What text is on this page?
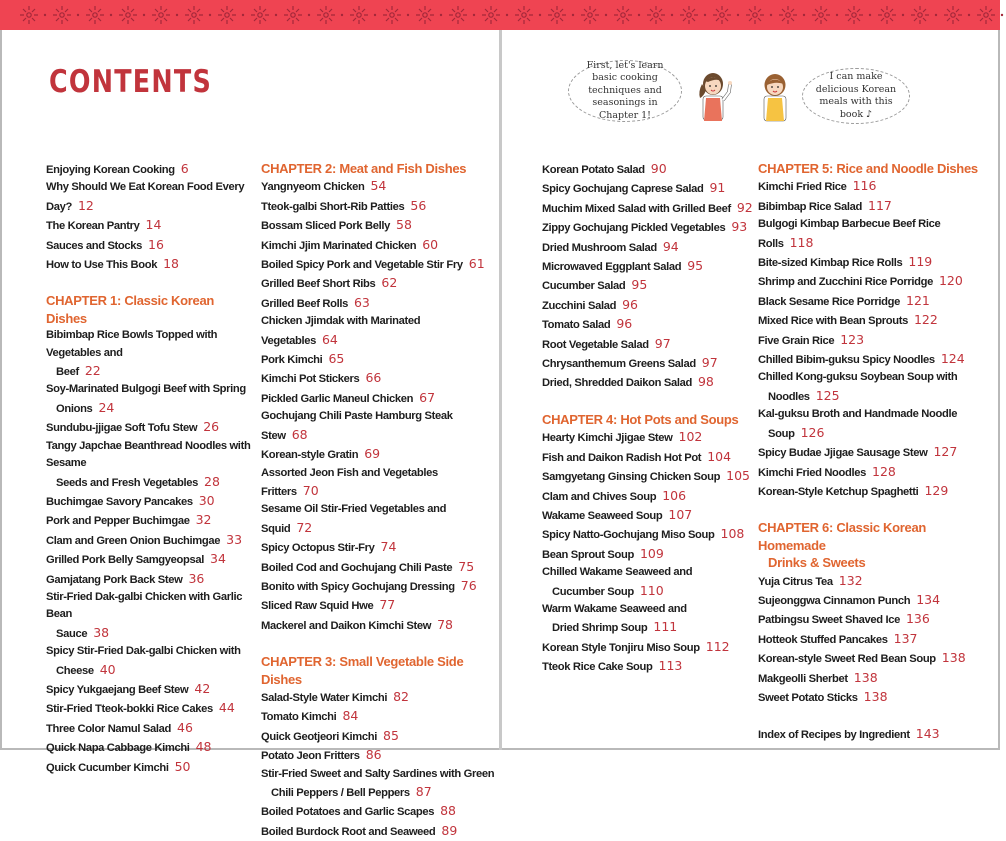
CONTENTS	First, let's learn basic cooking techniques and seasonings in Chapter 1!
I can make delicious Korean meals with this book ♪
Enjoying Korean Cooking 6
Why Should We Eat Korean Food Every Day? 12
The Korean Pantry 14
Sauces and Stocks 16
How to Use This Book 18
CHAPTER 1: Classic Korean Dishes
Bibimbap Rice Bowls Topped with Vegetables and
Beef 22
Soy-Marinated Bulgogi Beef with Spring
Onions 24
Sundubu-jjigae Soft Tofu Stew 26
Tangy Japchae Beanthread Noodles with Sesame
Seeds and Fresh Vegetables 28
Buchimgae Savory Pancakes 30
Pork and Pepper Buchimgae 32
Clam and Green Onion Buchimgae 33
Grilled Pork Belly Samgyeopsal 34
Gamjatang Pork Back Stew 36
Stir-Fried Dak-galbi Chicken with Garlic Bean
Sauce 38
Spicy Stir-Fried Dak-galbi Chicken with
Cheese 40
Spicy Yukgaejang Beef Stew 42
Stir-Fried Tteok-bokki Rice Cakes 44
Three Color Namul Salad 46
Quick Napa Cabbage Kimchi 48
Quick Cucumber Kimchi 50
CHAPTER 2: Meat and Fish Dishes
Yangnyeom Chicken 54
Tteok-galbi Short-Rib Patties 56
Bossam Sliced Pork Belly 58
Kimchi Jjim Marinated Chicken 60
Boiled Spicy Pork and Vegetable Stir Fry 61
Grilled Beef Short Ribs 62
Grilled Beef Rolls 63
Chicken Jjimdak with Marinated Vegetables 64
Pork Kimchi 65
Kimchi Pot Stickers 66
Pickled Garlic Maneul Chicken 67
Gochujang Chili Paste Hamburg Steak Stew 68
Korean-style Gratin 69
Assorted Jeon Fish and Vegetables Fritters 70
Sesame Oil Stir-Fried Vegetables and Squid 72
Spicy Octopus Stir-Fry 74
Boiled Cod and Gochujang Chili Paste 75
Bonito with Spicy Gochujang Dressing 76
Sliced Raw Squid Hwe 77
Mackerel and Daikon Kimchi Stew 78
CHAPTER 3: Small Vegetable Side Dishes
Salad-Style Water Kimchi 82
Tomato Kimchi 84
Quick Geotjeori Kimchi 85
Potato Jeon Fritters 86
Stir-Fried Sweet and Salty Sardines with Green
Chili Peppers / Bell Peppers 87
Boiled Potatoes and Garlic Scapes 88
Boiled Burdock Root and Seaweed 89
Korean Potato Salad 90
Spicy Gochujang Caprese Salad 91
Muchim Mixed Salad with Grilled Beef 92
Zippy Gochujang Pickled Vegetables 93
Dried Mushroom Salad 94
Microwaved Eggplant Salad 95
Cucumber Salad 95
Zucchini Salad 96
Tomato Salad 96
Root Vegetable Salad 97
Chrysanthemum Greens Salad 97
Dried, Shredded Daikon Salad 98
CHAPTER 4: Hot Pots and Soups
Hearty Kimchi Jjigae Stew 102
Fish and Daikon Radish Hot Pot 104
Samgyetang Ginsing Chicken Soup 105
Clam and Chives Soup 106
Wakame Seaweed Soup 107
Spicy Natto-Gochujang Miso Soup 108
Bean Sprout Soup 109
Chilled Wakame Seaweed and
Cucumber Soup 110
Warm Wakame Seaweed and
Dried Shrimp Soup 111
Korean Style Tonjiru Miso Soup 112
Tteok Rice Cake Soup 113
CHAPTER 5: Rice and Noodle Dishes
Kimchi Fried Rice 116
Bibimbap Rice Salad 117
Bulgogi Kimbap Barbecue Beef Rice Rolls 118
Bite-sized Kimbap Rice Rolls 119
Shrimp and Zucchini Rice Porridge 120
Black Sesame Rice Porridge 121
Mixed Rice with Bean Sprouts 122
Five Grain Rice 123
Chilled Bibim-guksu Spicy Noodles 124
Chilled Kong-guksu Soybean Soup with
Noodles 125
Kal-guksu Broth and Handmade Noodle
Soup 126
Spicy Budae Jjigae Sausage Stew 127
Kimchi Fried Noodles 128
Korean-Style Ketchup Spaghetti 129
CHAPTER 6: Classic Korean Homemade
Drinks & Sweets
Yuja Citrus Tea 132
Sujeonggwa Cinnamon Punch 134
Patbingsu Sweet Shaved Ice 136
Hotteok Stuffed Pancakes 137
Korean-style Sweet Red Bean Soup 138
Makgeolli Sherbet 138
Sweet Potato Sticks 138
Index of Recipes by Ingredient 143
